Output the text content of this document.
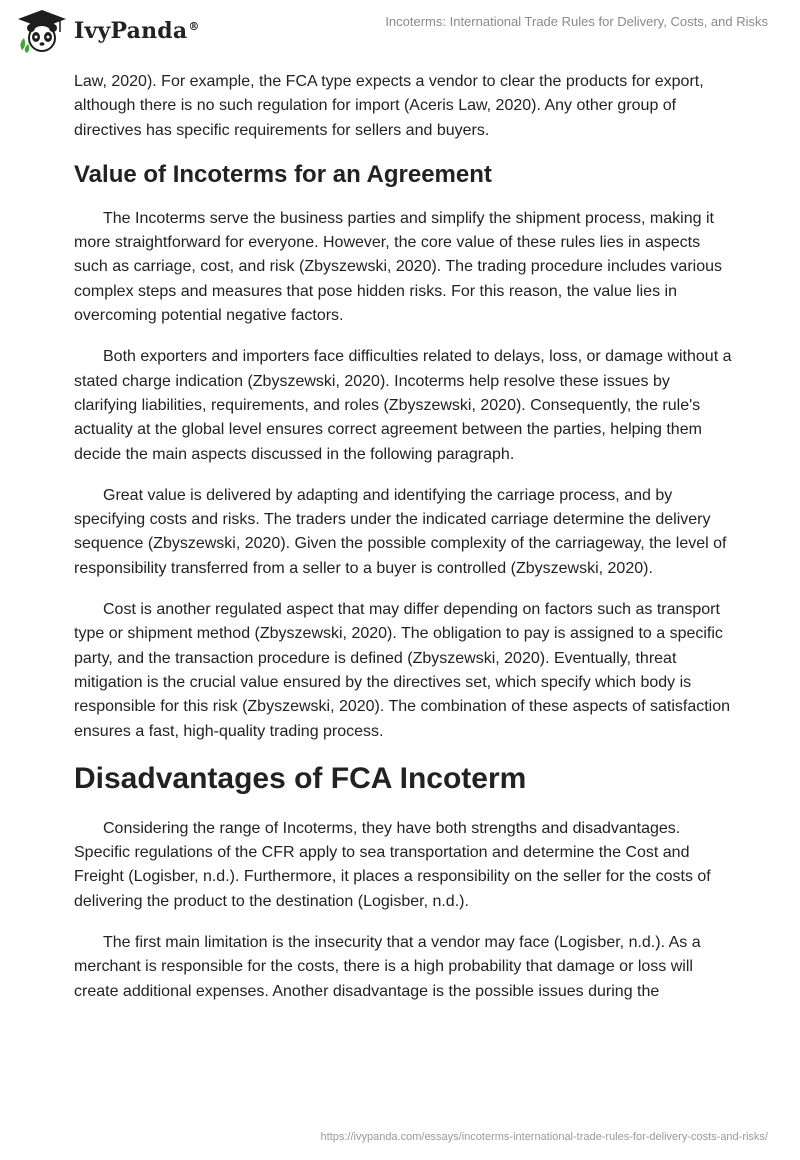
IvyPanda®	Incoterms: International Trade Rules for Delivery, Costs, and Risks

Law, 2020). For example, the FCA type expects a vendor to clear the products for export, although there is no such regulation for import (Aceris Law, 2020). Any other group of directives has specific requirements for sellers and buyers.

Value of Incoterms for an Agreement

The Incoterms serve the business parties and simplify the shipment process, making it more straightforward for everyone. However, the core value of these rules lies in aspects such as carriage, cost, and risk (Zbyszewski, 2020). The trading procedure includes various complex steps and measures that pose hidden risks. For this reason, the value lies in overcoming potential negative factors.

Both exporters and importers face difficulties related to delays, loss, or damage without a stated charge indication (Zbyszewski, 2020). Incoterms help resolve these issues by clarifying liabilities, requirements, and roles (Zbyszewski, 2020). Consequently, the rule's actuality at the global level ensures correct agreement between the parties, helping them decide the main aspects discussed in the following paragraph.

Great value is delivered by adapting and identifying the carriage process, and by specifying costs and risks. The traders under the indicated carriage determine the delivery sequence (Zbyszewski, 2020). Given the possible complexity of the carriageway, the level of responsibility transferred from a seller to a buyer is controlled (Zbyszewski, 2020).

Cost is another regulated aspect that may differ depending on factors such as transport type or shipment method (Zbyszewski, 2020). The obligation to pay is assigned to a specific party, and the transaction procedure is defined (Zbyszewski, 2020). Eventually, threat mitigation is the crucial value ensured by the directives set, which specify which body is responsible for this risk (Zbyszewski, 2020). The combination of these aspects of satisfaction ensures a fast, high-quality trading process.

Disadvantages of FCA Incoterm

Considering the range of Incoterms, they have both strengths and disadvantages. Specific regulations of the CFR apply to sea transportation and determine the Cost and Freight (Logisber, n.d.). Furthermore, it places a responsibility on the seller for the costs of delivering the product to the destination (Logisber, n.d.).

The first main limitation is the insecurity that a vendor may face (Logisber, n.d.). As a merchant is responsible for the costs, there is a high probability that damage or loss will create additional expenses. Another disadvantage is the possible issues during the

https://ivypanda.com/essays/incoterms-international-trade-rules-for-delivery-costs-and-risks/
